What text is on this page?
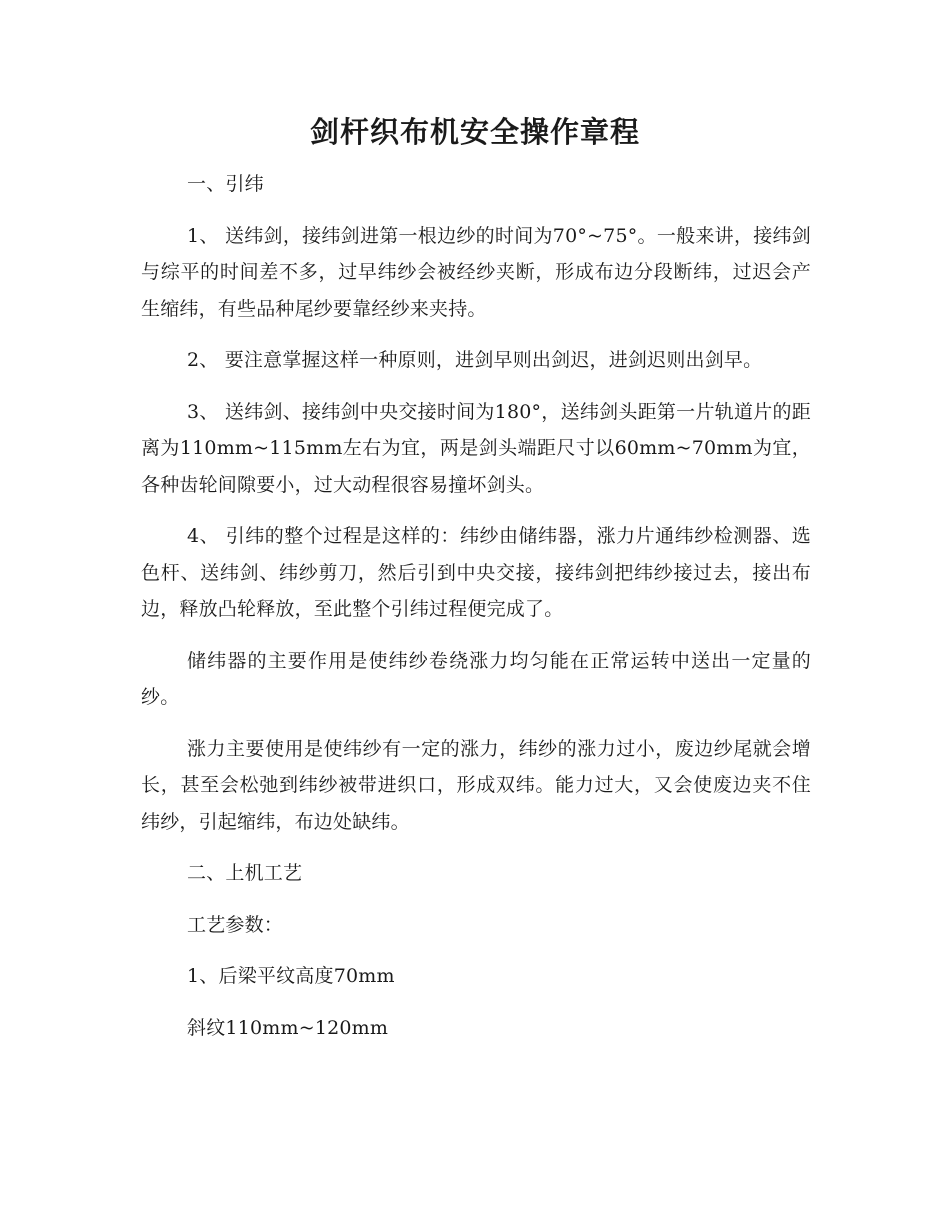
剑杆织布机安全操作章程

一、引纬

1、 送纬剑，接纬剑进第一根边纱的时间为70°~75°。一般来讲，接纬剑与综平的时间差不多，过早纬纱会被经纱夹断，形成布边分段断纬，过迟会产生缩纬，有些品种尾纱要靠经纱来夹持。

2、 要注意掌握这样一种原则，进剑早则出剑迟，进剑迟则出剑早。

3、 送纬剑、接纬剑中央交接时间为180°，送纬剑头距第一片轨道片的距离为110mm~115mm左右为宜，两是剑头端距尺寸以60mm~70mm为宜，各种齿轮间隙要小，过大动程很容易撞坏剑头。

4、 引纬的整个过程是这样的：纬纱由储纬器，涨力片通纬纱检测器、选色杆、送纬剑、纬纱剪刀，然后引到中央交接，接纬剑把纬纱接过去，接出布边，释放凸轮释放，至此整个引纬过程便完成了。

储纬器的主要作用是使纬纱卷绕涨力均匀能在正常运转中送出一定量的纱。

涨力主要使用是使纬纱有一定的涨力，纬纱的涨力过小，废边纱尾就会增长，甚至会松弛到纬纱被带进织口，形成双纬。能力过大，又会使废边夹不住纬纱，引起缩纬，布边处缺纬。

二、上机工艺

工艺参数：

1、后梁平纹高度70mm

斜纹110mm~120mm
